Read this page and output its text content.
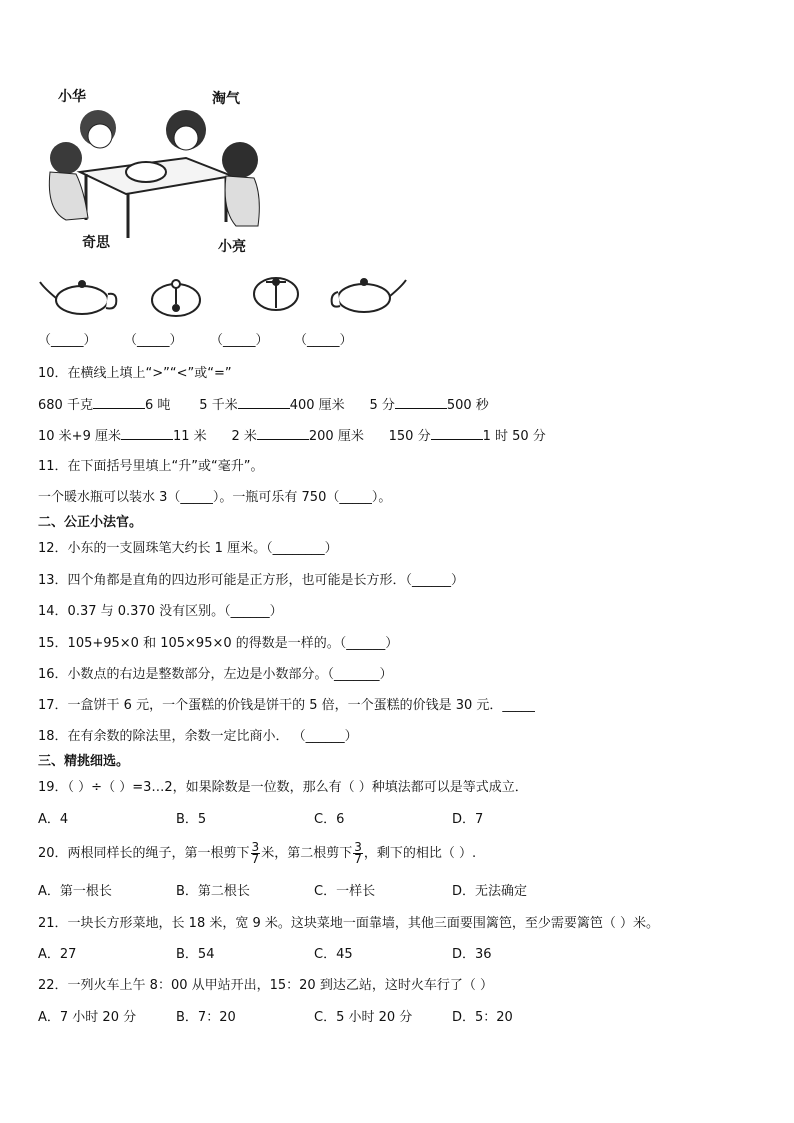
小华	淘气
奇思	小亮
（_____） （_____） （_____） （_____）
10．在横线上填上“>”“<”或“=”
680 千克	6 吨 5 千米	400 厘米 5 分	500 秒
10 米+9 厘米	11 米 2 米	200 厘米 150 分	1 时 50 分
11．在下面括号里填上“升”或“毫升”。
一个暖水瓶可以装水 3（_____）。一瓶可乐有 750（_____）。
二、公正小法官。
12．小东的一支圆珠笔大约长 1 厘米。（________）
13．四个角都是直角的四边形可能是正方形，也可能是长方形．（______）
14．0.37 与 0.370 没有区别。（______）
15．105+95×0 和 105×95×0 的得数是一样的。（______）
16．小数点的右边是整数部分，左边是小数部分。（_______）
17．一盒饼干 6 元，一个蛋糕的价钱是饼干的 5 倍，一个蛋糕的价钱是 30 元．_____
18．在有余数的除法里，余数一定比商小． （______）
三、精挑细选。
19．（ ）÷（ ）=3…2，如果除数是一位数，那么有（ ）种填法都可以是等式成立．
A．4	B．5	C．6	D．7
20．两根同样长的绳子，第一根剪下 $\frac{3}{7}$ 米，第二根剪下 $\frac{3}{7}$ ，剩下的相比（ ）.
A．第一根长	B．第二根长	C．一样长	D．无法确定
21．一块长方形菜地，长 18 米，宽 9 米。这块菜地一面靠墙，其他三面要围篱笆，至少需要篱笆（ ）米。
A．27	B．54	C．45	D．36
22．一列火车上午 8：00 从甲站开出，15：20 到达乙站，这时火车行了（ ）
A．7 小时 20 分	B．7：20	C．5 小时 20 分	D．5：20
